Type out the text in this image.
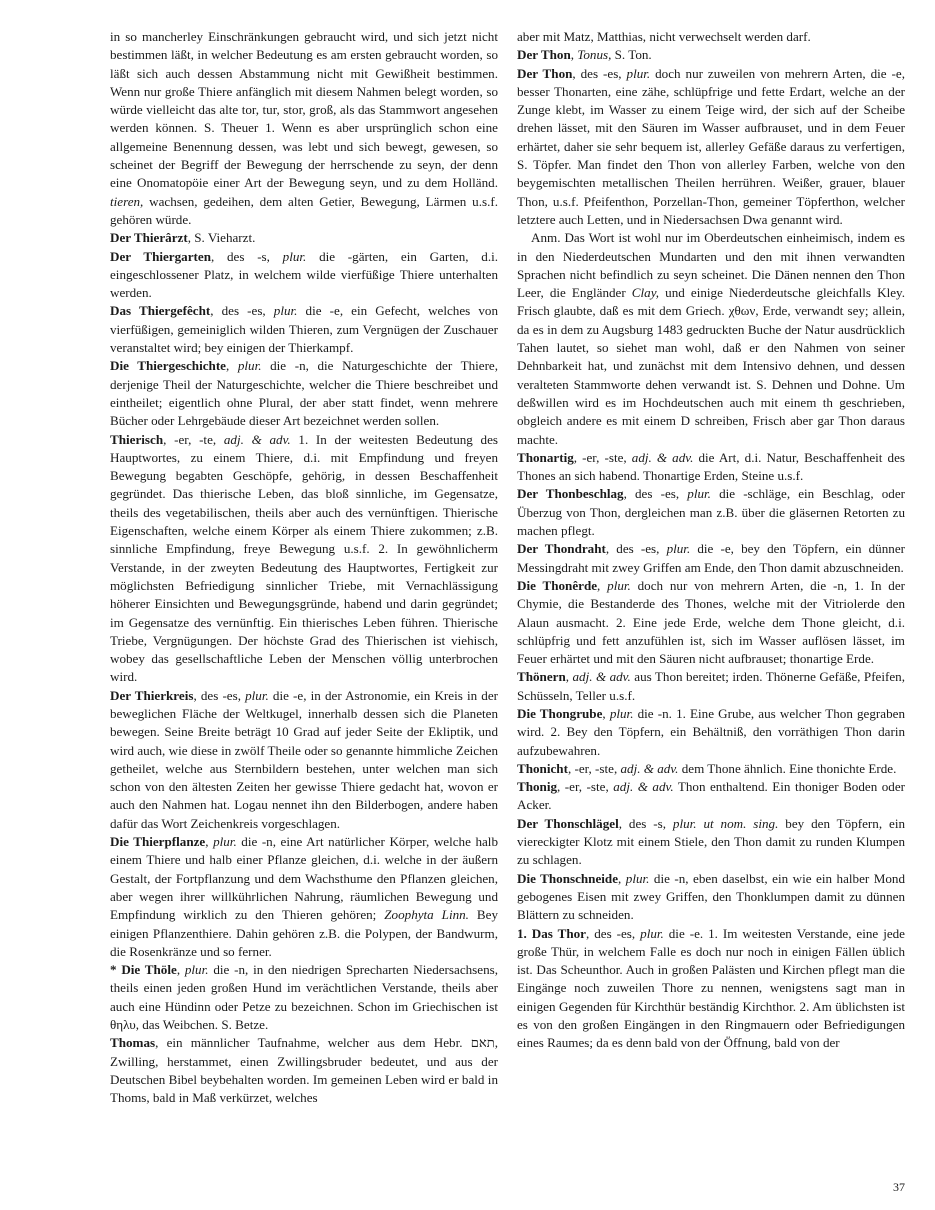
in so mancherley Einschränkungen gebraucht wird, und sich jetzt nicht bestimmen läßt, in welcher Bedeutung es am ersten gebraucht worden, so läßt sich auch dessen Abstammung nicht mit Gewißheit bestimmen. Wenn nur große Thiere anfänglich mit diesem Nahmen belegt worden, so würde vielleicht das alte tor, tur, stor, groß, als das Stammwort angesehen werden können. S. Theuer 1. Wenn es aber ursprünglich schon eine allgemeine Benennung dessen, was lebt und sich bewegt, gewesen, so scheinet der Begriff der Bewegung der herrschende zu seyn, der denn eine Onomatopöie einer Art der Bewegung seyn, und zu dem Holländ. tieren, wachsen, gedeihen, dem alten Getier, Bewegung, Lärmen u.s.f. gehören würde.

Der Thierârzt, S. Vieharzt.

Der Thiergarten, des -s, plur. die -gärten, ein Garten, d.i. eingeschlossener Platz, in welchem wilde vierfüßige Thiere unterhalten werden.

Das Thiergefêcht, des -es, plur. die -e, ein Gefecht, welches von vierfüßigen, gemeiniglich wilden Thieren, zum Vergnügen der Zuschauer veranstaltet wird; bey einigen der Thierkampf.

Die Thiergeschichte, plur. die -n, die Naturgeschichte der Thiere, derjenige Theil der Naturgeschichte, welcher die Thiere beschreibet und eintheilet; eigentlich ohne Plural, der aber statt findet, wenn mehrere Bücher oder Lehrgebäude dieser Art bezeichnet werden sollen.

Thierisch, -er, -te, adj. & adv. 1. In der weitesten Bedeutung des Hauptwortes, zu einem Thiere, d.i. mit Empfindung und freyen Bewegung begabten Geschöpfe, gehörig, in dessen Beschaffenheit gegründet. Das thierische Leben, das bloß sinnliche, im Gegensatze, theils des vegetabilischen, theils aber auch des vernünftigen. Thierische Eigenschaften, welche einem Körper als einem Thiere zukommen; z.B. sinnliche Empfindung, freye Bewegung u.s.f. 2. In gewöhnlicherm Verstande, in der zweyten Bedeutung des Hauptwortes, Fertigkeit zur möglichsten Befriedigung sinnlicher Triebe, mit Vernachlässigung höherer Einsichten und Bewegungsgründe, habend und darin gegründet; im Gegensatze des vernünftig. Ein thierisches Leben führen. Thierische Triebe, Vergnügungen. Der höchste Grad des Thierischen ist viehisch, wobey das gesellschaftliche Leben der Menschen völlig unterbrochen wird.

Der Thierkreis, des -es, plur. die -e, in der Astronomie, ein Kreis in der beweglichen Fläche der Weltkugel, innerhalb dessen sich die Planeten bewegen. Seine Breite beträgt 10 Grad auf jeder Seite der Ekliptik, und wird auch, wie diese in zwölf Theile oder so genannte himmliche Zeichen getheilet, welche aus Sternbildern bestehen, unter welchen man sich schon von den ältesten Zeiten her gewisse Thiere gedacht hat, wovon er auch den Nahmen hat. Logau nennet ihn den Bilderbogen, andere haben dafür das Wort Zeichenkreis vorgeschlagen.

Die Thierpflanze, plur. die -n, eine Art natürlicher Körper, welche halb einem Thiere und halb einer Pflanze gleichen, d.i. welche in der äußern Gestalt, der Fortpflanzung und dem Wachsthume den Pflanzen gleichen, aber wegen ihrer willkührlichen Nahrung, räumlichen Bewegung und Empfindung wirklich zu den Thieren gehören; Zoophyta Linn. Bey einigen Pflanzenthiere. Dahin gehören z.B. die Polypen, der Bandwurm, die Rosenkränze und so ferner.

* Die Thöle, plur. die -n, in den niedrigen Sprecharten Niedersachsens, theils einen jeden großen Hund im verächtlichen Verstande, theils aber auch eine Hündinn oder Petze zu bezeichnen. Schon im Griechischen ist θηλυ, das Weibchen. S. Betze.

Thomas, ein männlicher Taufnahme, welcher aus dem Hebr. תאם, Zwilling, herstammet, einen Zwillingsbruder bedeutet, und aus der Deutschen Bibel beybehalten worden. Im gemeinen Leben wird er bald in Thoms, bald in Maß verkürzet, welches

aber mit Matz, Matthias, nicht verwechselt werden darf.

Der Thon, Tonus, S. Ton.

Der Thon, des -es, plur. doch nur zuweilen von mehrern Arten, die -e, besser Thonarten, eine zähe, schlüpfrige und fette Erdart, welche an der Zunge klebt, im Wasser zu einem Teige wird, der sich auf der Scheibe drehen lässet, mit den Säuren im Wasser aufbrauset, und in dem Feuer erhärtet, daher sie sehr bequem ist, allerley Gefäße daraus zu verfertigen, S. Töpfer. Man findet den Thon von allerley Farben, welche von den beygemischten metallischen Theilen herrühren. Weißer, grauer, blauer Thon, u.s.f. Pfeifenthon, Porzellan-Thon, gemeiner Töpferthon, welcher letztere auch Letten, und in Niedersachsen Dwa genannt wird.

Anm. Das Wort ist wohl nur im Oberdeutschen einheimisch, indem es in den Niederdeutschen Mundarten und den mit ihnen verwandten Sprachen nicht befindlich zu seyn scheinet. Die Dänen nennen den Thon Leer, die Engländer Clay, und einige Niederdeutsche gleichfalls Kley. Frisch glaubte, daß es mit dem Griech. χθων, Erde, verwandt sey; allein, da es in dem zu Augsburg 1483 gedruckten Buche der Natur ausdrücklich Tahen lautet, so siehet man wohl, daß er den Nahmen von seiner Dehnbarkeit hat, und zunächst mit dem Intensivo dehnen, und dessen veralteten Stammworte dehen verwandt ist. S. Dehnen und Dohne. Um deßwillen wird es im Hochdeutschen auch mit einem th geschrieben, obgleich andere es mit einem D schreiben, Frisch aber gar Thon daraus machte.

Thonartig, -er, -ste, adj. & adv. die Art, d.i. Natur, Beschaffenheit des Thones an sich habend. Thonartige Erden, Steine u.s.f.

Der Thonbeschlag, des -es, plur. die -schläge, ein Beschlag, oder Überzug von Thon, dergleichen man z.B. über die gläsernen Retorten zu machen pflegt.

Der Thondraht, des -es, plur. die -e, bey den Töpfern, ein dünner Messingdraht mit zwey Griffen am Ende, den Thon damit abzuschneiden.

Die Thonêrde, plur. doch nur von mehrern Arten, die -n, 1. In der Chymie, die Bestanderde des Thones, welche mit der Vitriolerde den Alaun ausmacht. 2. Eine jede Erde, welche dem Thone gleicht, d.i. schlüpfrig und fett anzufühlen ist, sich im Wasser auflösen lässet, im Feuer erhärtet und mit den Säuren nicht aufbrauset; thonartige Erde.

Thönern, adj. & adv. aus Thon bereitet; irden. Thönerne Gefäße, Pfeifen, Schüsseln, Teller u.s.f.

Die Thongrube, plur. die -n. 1. Eine Grube, aus welcher Thon gegraben wird. 2. Bey den Töpfern, ein Behältniß, den vorräthigen Thon darin aufzubewahren.

Thonicht, -er, -ste, adj. & adv. dem Thone ähnlich. Eine thonichte Erde.

Thonig, -er, -ste, adj. & adv. Thon enthaltend. Ein thoniger Boden oder Acker.

Der Thonschlägel, des -s, plur. ut nom. sing. bey den Töpfern, ein viereckigter Klotz mit einem Stiele, den Thon damit zu runden Klumpen zu schlagen.

Die Thonschneide, plur. die -n, eben daselbst, ein wie ein halber Mond gebogenes Eisen mit zwey Griffen, den Thonklumpen damit zu dünnen Blättern zu schneiden.

1. Das Thor, des -es, plur. die -e. 1. Im weitesten Verstande, eine jede große Thür, in welchem Falle es doch nur noch in einigen Fällen üblich ist. Das Scheunthor. Auch in großen Palästen und Kirchen pflegt man die Eingänge noch zuweilen Thore zu nennen, wenigstens sagt man in einigen Gegenden für Kirchthür beständig Kirchthor. 2. Am üblichsten ist es von den großen Eingängen in den Ringmauern oder Befriedigungen eines Raumes; da es denn bald von der Öffnung, bald von der

37
